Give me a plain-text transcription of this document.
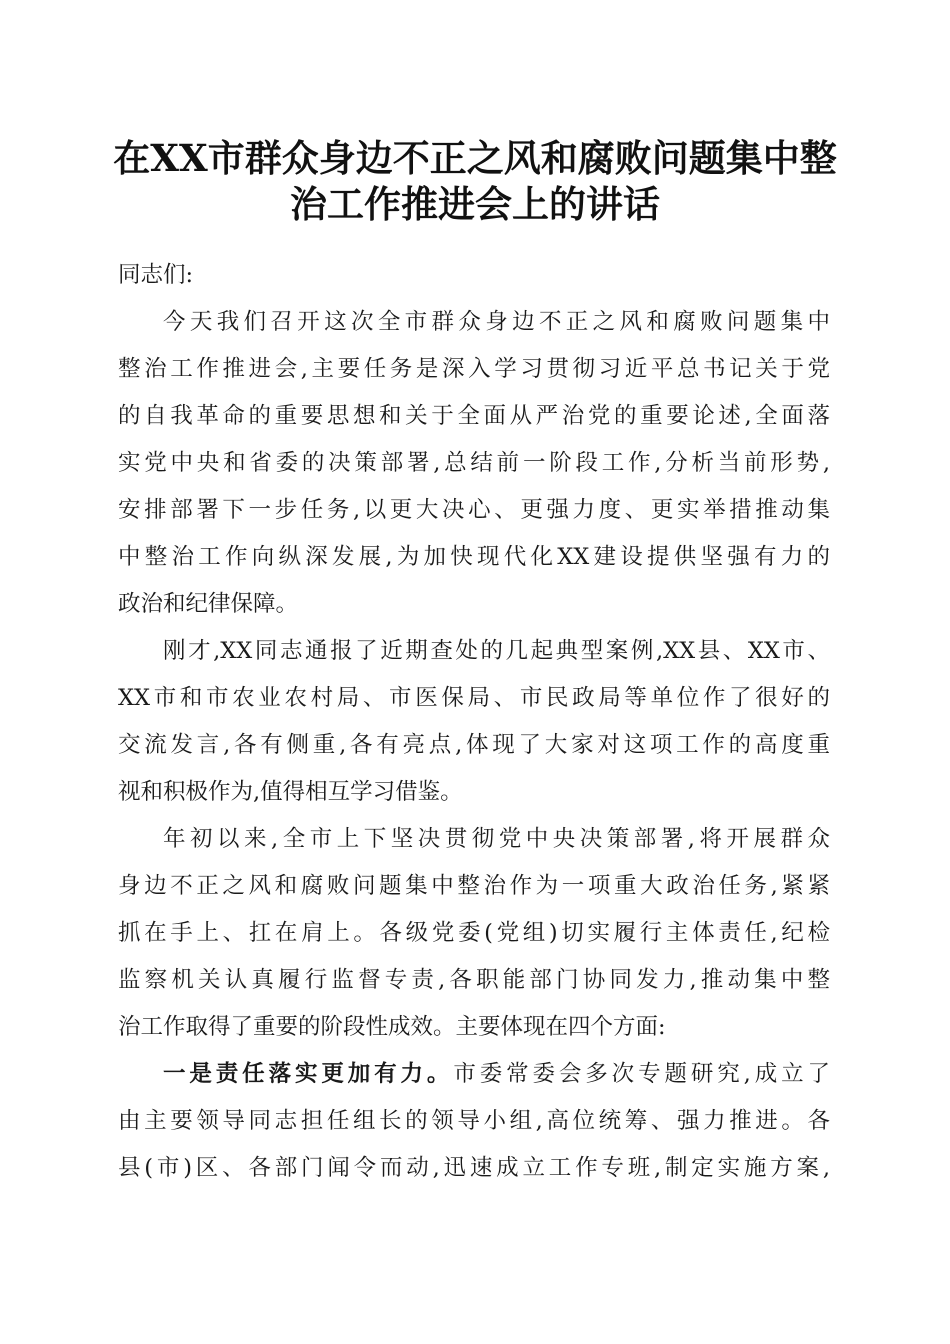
在XX市群众身边不正之风和腐败问题集中整
治工作推进会上的讲话
同志们:
今天我们召开这次全市群众身边不正之风和腐败问题集中
整治工作推进会,主要任务是深入学习贯彻习近平总书记关于党
的自我革命的重要思想和关于全面从严治党的重要论述,全面落
实党中央和省委的决策部署,总结前一阶段工作,分析当前形势,
安排部署下一步任务,以更大决心、更强力度、更实举措推动集
中整治工作向纵深发展,为加快现代化XX建设提供坚强有力的
政治和纪律保障。
刚才,XX同志通报了近期查处的几起典型案例,XX县、XX市、
XX市和市农业农村局、市医保局、市民政局等单位作了很好的
交流发言,各有侧重,各有亮点,体现了大家对这项工作的高度重
视和积极作为,值得相互学习借鉴。
年初以来,全市上下坚决贯彻党中央决策部署,将开展群众
身边不正之风和腐败问题集中整治作为一项重大政治任务,紧紧
抓在手上、扛在肩上。各级党委(党组)切实履行主体责任,纪检
监察机关认真履行监督专责,各职能部门协同发力,推动集中整
治工作取得了重要的阶段性成效。主要体现在四个方面:
一是责任落实更加有力。市委常委会多次专题研究,成立了
由主要领导同志担任组长的领导小组,高位统筹、强力推进。各
县(市)区、各部门闻令而动,迅速成立工作专班,制定实施方案,
